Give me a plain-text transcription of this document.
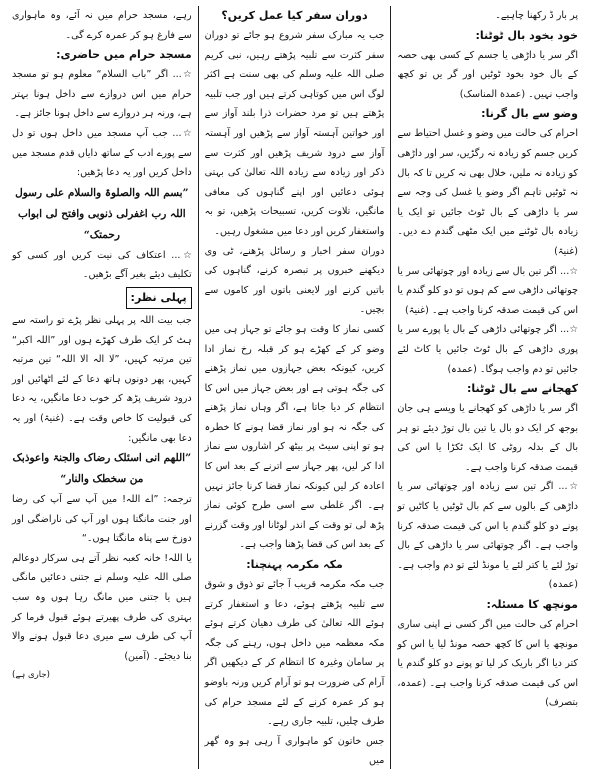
پر بار ڈ رکھنا چاہیے۔

خود بخود بال ٹوٹنا:

اگر سر یا داڑھی یا جسم کے کسی بھی حصہ کے بال خود بخود ٹوٹیں اور گر یں تو کچھ واجب نہیں۔ (عمدة المناسک)

وضو سے بال گرنا:

احرام کی حالت میں وضو و غسل احتیاط سے کریں جسم کو زیادہ نہ رگڑیں، سر اور داڑھی کو زیادہ نہ ملیں، خلال بھی نہ کریں تا کہ بال نہ ٹوٹیں تاہم اگر وضو یا غسل کی وجہ سے سر یا داڑھی کے بال ٹوٹ جائیں تو ایک یا زیادہ بال ٹوٹنے میں ایک مٹھی گندم دے دیں۔ (غنیۃ)

☆... اگر تین بال سے زیادہ اور چوتھائی سر یا چوتھائی داڑھی سے کم ہوں تو دو کلو گندم یا اس کی قیمت صدقہ کرنا واجب ہے۔ (غنیۃ)

☆... اگر چوتھائی داڑھی کے بال یا پورے سر یا پوری داڑھی کے بال ٹوٹ جائیں یا کاٹ لئے جائیں تو دم واجب ہوگا۔ (عمدہ)

کھجانے سے بال ٹوٹنا:

اگر سر یا داڑھی کو کھجانے یا ویسے ہی جان بوجھ کر ایک دو بال یا تین بال توڑ دیئے تو ہر بال کے بدلہ روٹی کا ایک ٹکڑا یا اس کی قیمت صدقہ کرنا واجب ہے۔

☆... اگر تین سے زیادہ اور چوتھائی سر یا داڑھی کے بالوں سے کم بال ٹوٹیں یا کاٹیں تو پونے دو کلو گندم یا اس کی قیمت صدقہ کرنا واجب ہے۔ اگر چوتھائی سر یا داڑھی کے بال توڑ لئے یا کتر لئے یا مونڈ لئے تو دم واجب ہے۔ (عمدہ)

مونچھ کا مسئلہ:

احرام کی حالت میں اگر کسی نے اپنی ساری مونچھ یا اس کا کچھ حصہ مونڈ لیا یا اس کو کتر دیا اگر باریک کر لیا تو پونے دو کلو گندم یا اس کی قیمت صدقہ کرنا واجب ہے۔ (عمدہ، بتصرف)

دوران سفر کیا عمل کریں؟

جب یہ مبارک سفر شروع ہو جائے تو دوران سفر کثرت سے تلبیہ پڑھتے رہیں، نبی کریم صلی اللہ علیہ وسلم کی بھی سنت ہے اکثر لوگ اس میں کوتاہی کرتے ہیں اور جب تلبیہ پڑھتے ہیں تو مرد حضرات ذرا بلند آواز سے اور خواتین آہستہ آواز سے پڑھیں اور آہستہ آواز سے درود شریف پڑھیں اور کثرت سے ذکر اور زیادہ سے زیادہ اللہ تعالیٰ کی بہتی ہوئی دعائیں اور اپنے گناہوں کی معافی مانگیں، تلاوت کریں، تسبیحات پڑھیں، تو بہ واستغفار کریں اور دعا میں مشغول رہیں۔

دوران سفر اخبار و رسائل پڑھنے، ٹی وی دیکھنے خبروں پر تبصرہ کرنے، گناہوں کی باتیں کرنے اور لایعنی باتوں اور کاموں سے بچیں۔

کسی نماز کا وقت ہو جائے تو جہاز ہی میں وضو کر کے کھڑے ہو کر قبلہ رخ نماز ادا کریں، کیونکہ بعض جہازوں میں نماز پڑھنے کی جگہ ہوتی ہے اور بعض جہاز میں اس کا انتظام کر دیا جاتا ہے، اگر وہاں نماز پڑھنے کی جگہ نہ ہو اور نماز قضا ہونے کا خطرہ ہو تو اپنی سیٹ پر بیٹھ کر اشاروں سے نماز ادا کر لیں، پھر جہاز سے اترنے کے بعد اس کا اعادہ کر لیں کیونکہ نماز قضا کرنا جائز نہیں ہے۔ اگر غلطی سے اسی طرح کوئی نماز پڑھ لی تو وقت کے اندر لوٹانا اور وقت گزرنے کے بعد اس کی قضا پڑھنا واجب ہے۔

مکہ مکرمہ پہنچنا:

جب مکہ مکرمہ قریب آ جائے تو ذوق و شوق سے تلبیہ پڑھتے ہوئے، دعا و استغفار کرتے ہوئے اللہ تعالیٰ کی طرف دھیان کرتے ہوئے مکہ معظمہ میں داخل ہوں، رہنے کی جگہ پر سامان وغیرہ کا انتظام کر کے دیکھیں اگر آرام کی ضرورت ہو تو آرام کریں ورنہ باوضو ہو کر عمرہ کرنے کے لئے مسجد حرام کی طرف چلیں، تلبیہ جاری رہے۔

جس خاتون کو ماہواری آ رہی ہو وہ گھر میں

رہے، مسجد حرام میں نہ آئے، وہ ماہواری سے فارغ ہو کر عمرہ کرے گی۔

مسجد حرام میں حاضری:

☆... اگر ”باب السلام“ معلوم ہو تو مسجد حرام میں اس دروازے سے داخل ہونا بہتر ہے، ورنہ ہر دروازے سے داخل ہونا جائز ہے۔

☆... جب آپ مسجد میں داخل ہوں تو دل سے پورے ادب کے ساتھ دایاں قدم مسجد میں داخل کریں اور یہ دعا پڑھیں:

”بسم اللہ والصلوۃ والسلام علی رسول اللہ رب اغفرلی ذنوبی وافتح لی ابواب رحمتک“

☆... اعتکاف کی نیت کریں اور کسی کو تکلیف دیئے بغیر آگے بڑھیں۔

پہلی نظر:

جب بیت اللہ پر پہلی نظر پڑے تو راستہ سے ہٹ کر ایک طرف کھڑے ہوں اور ”اللہ اکبر“ تین مرتبہ کہیں، ”لا الہ الا اللہ“ تین مرتبہ کہیں، پھر دونوں ہاتھ دعا کے لئے اٹھائیں اور درود شریف پڑھ کر خوب دعا مانگیں، یہ دعا کی قبولیت کا خاص وقت ہے۔ (غنیۃ) اور یہ دعا بھی مانگیں:

”اللھم انی اسئلک رضاک والجنۃ واعوذبک من سخطک والنار“

ترجمہ: ”اے اللہ! میں آپ سے آپ کی رضا اور جنت مانگتا ہوں اور آپ کی ناراضگی اور دوزخ سے پناہ مانگتا ہوں۔“

یا اللہ! خانہ کعبہ نظر آتے ہی سرکار دوعالم صلی اللہ علیہ وسلم نے جتنی دعائیں مانگی ہیں یا جتنی میں مانگ رہا ہوں وہ سب بہتری کی طرف پھیرتے ہوئے قبول فرما کر آپ کی طرف سے میری دعا قبول ہونے والا بنا دیجئے۔ (آمین)

(جاری ہے)
